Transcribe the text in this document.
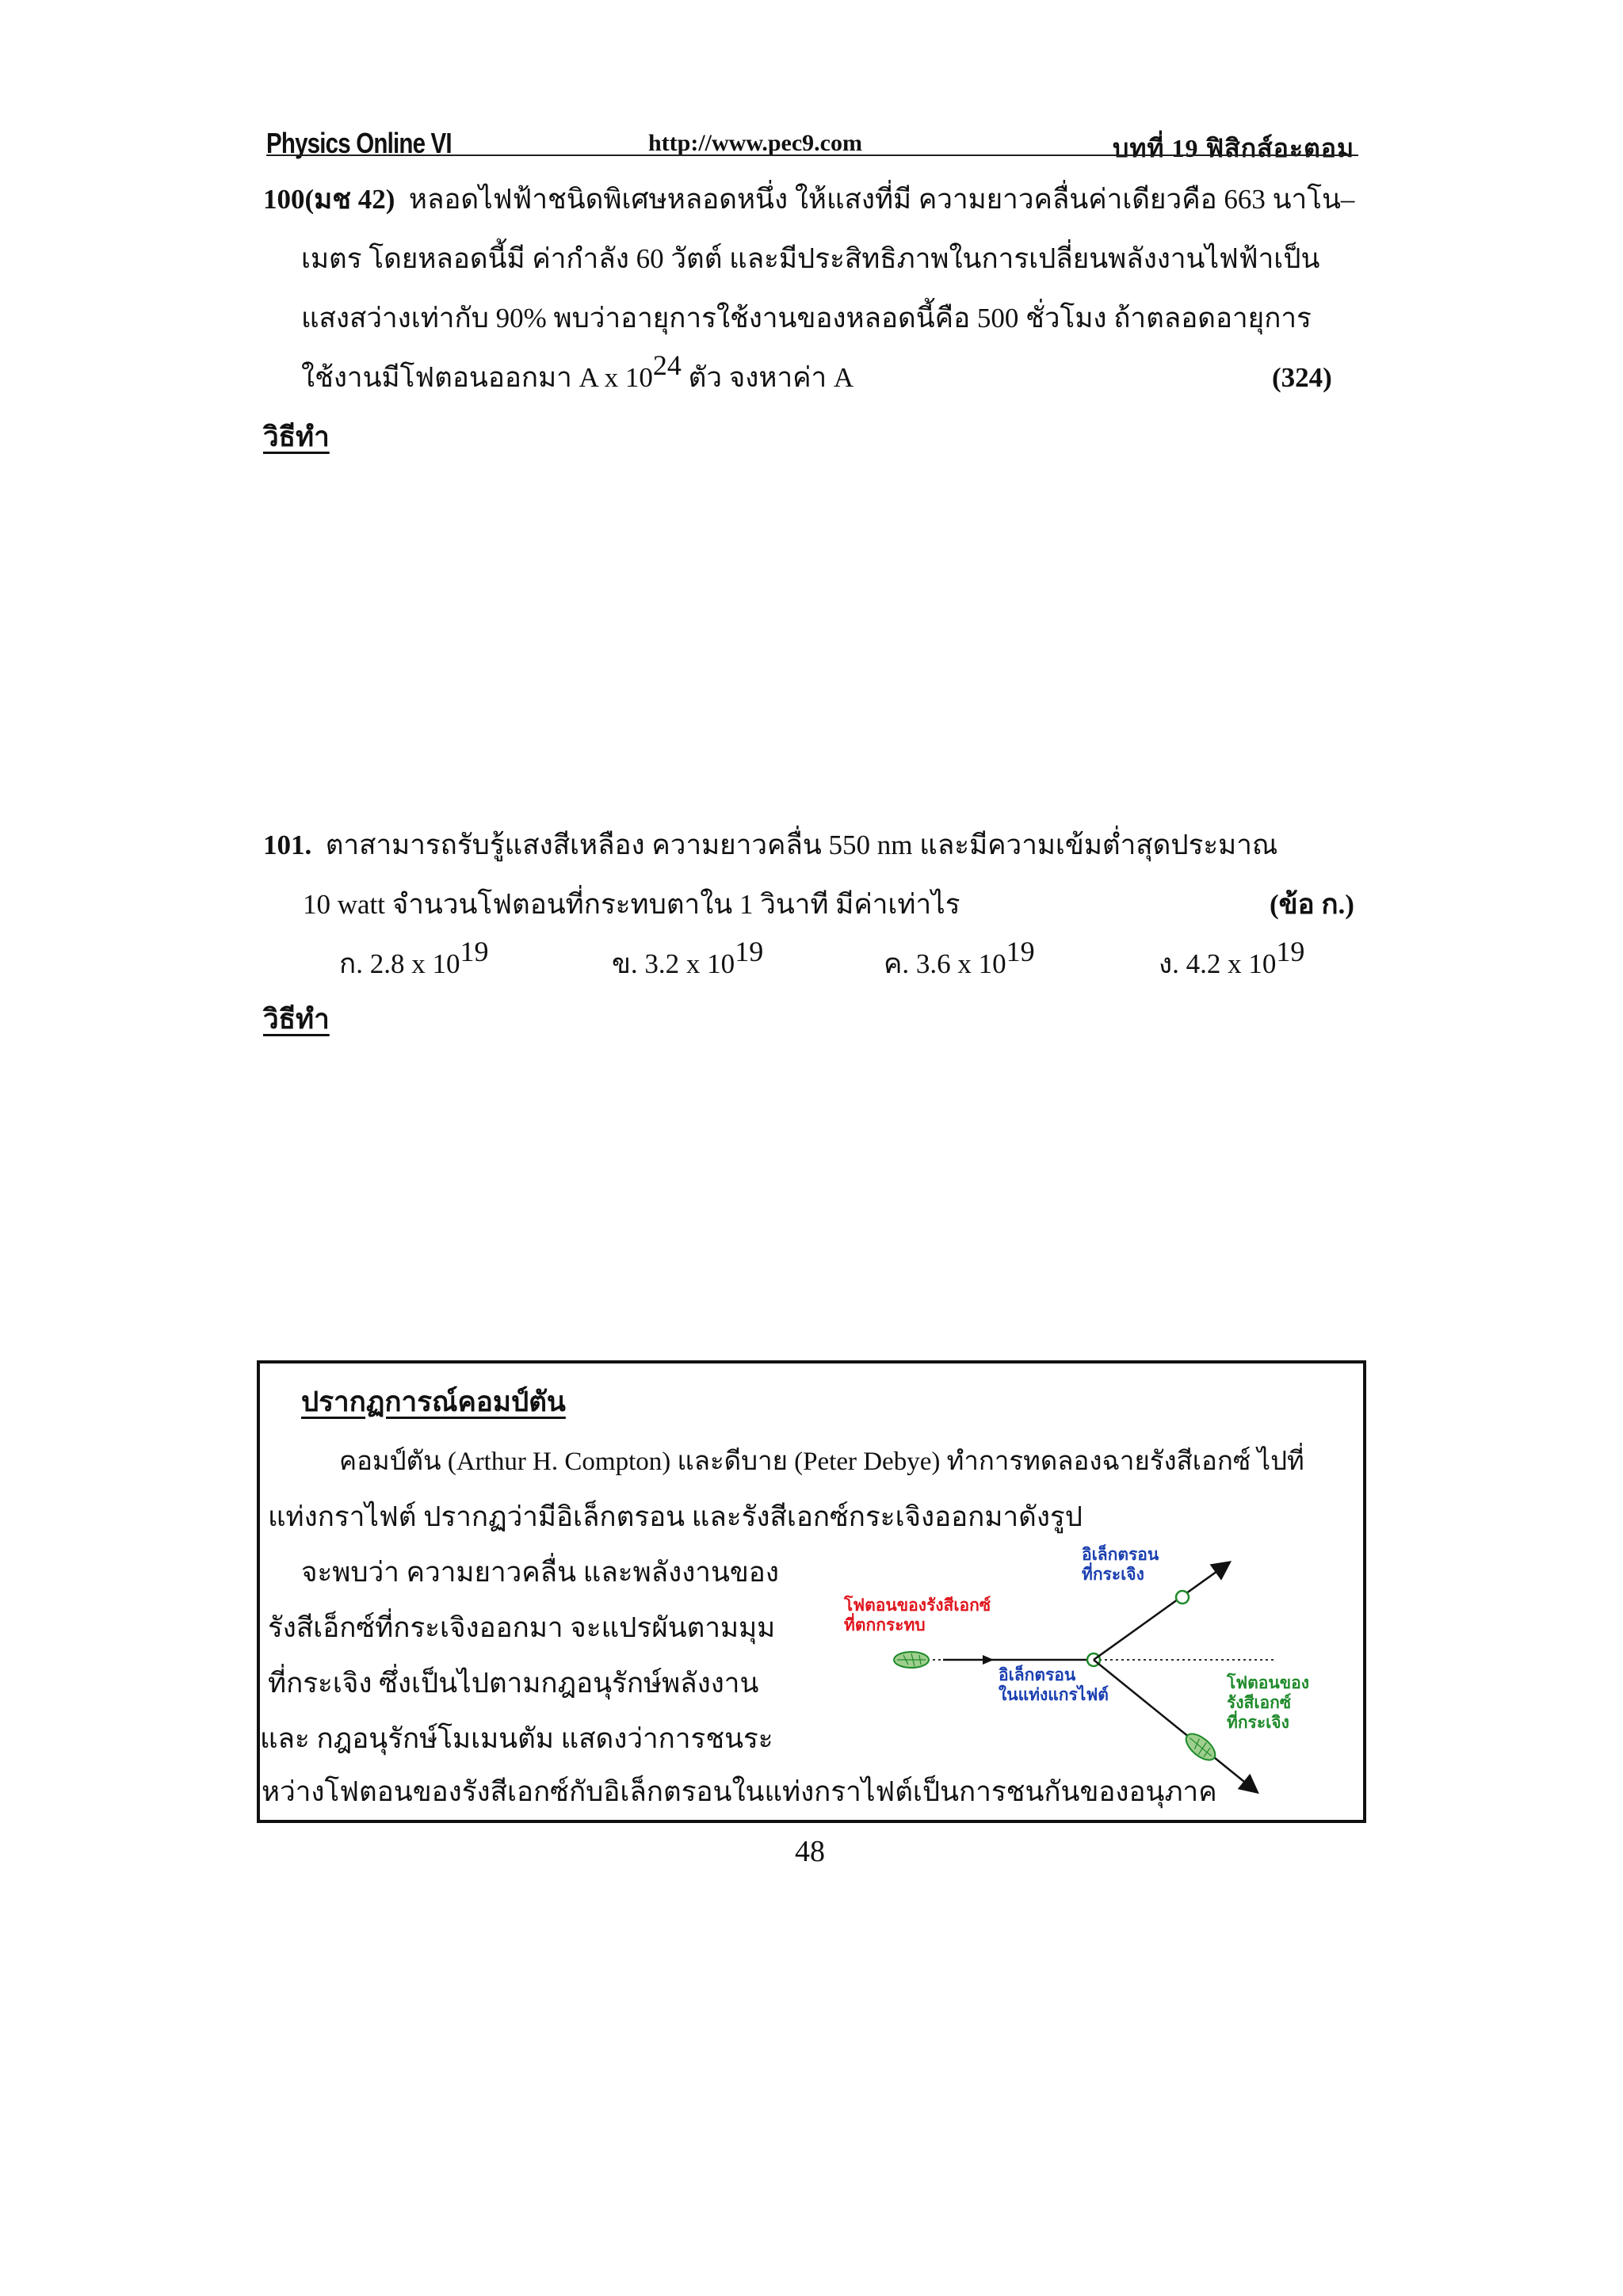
Physics Online VI	http://www.pec9.com	บทที่ 19 ฟิสิกส์อะตอม
100(มช 42) หลอดไฟฟ้าชนิดพิเศษหลอดหนึ่ง ให้แสงที่มี ความยาวคลื่นค่าเดียวคือ 663 นาโน–
เมตร โดยหลอดนี้มี ค่ากำลัง 60 วัตต์ และมีประสิทธิภาพในการเปลี่ยนพลังงานไฟฟ้าเป็น
แสงสว่างเท่ากับ 90% พบว่าอายุการใช้งานของหลอดนี้คือ 500 ชั่วโมง ถ้าตลอดอายุการ
ใช้งานมีโฟตอนออกมา A x $10^{24}$ ตัว จงหาค่า A	(324)
วิธีทำ
101. ตาสามารถรับรู้แสงสีเหลือง ความยาวคลื่น 550 nm และมีความเข้มต่ำสุดประมาณ
10 watt จำนวนโฟตอนที่กระทบตาใน 1 วินาที มีค่าเท่าไร	(ข้อ ก.)
ก. 2.8 x $10^{19}$	ข. 3.2 x $10^{19}$	ค. 3.6 x $10^{19}$	ง. 4.2 x $10^{19}$
วิธีทำ
ปรากฏการณ์คอมป์ตัน
คอมป์ตัน (Arthur H. Compton) และดีบาย (Peter Debye) ทำการทดลองฉายรังสีเอกซ์ ไปที่
แท่งกราไฟต์ ปรากฏว่ามีอิเล็กตรอน และรังสีเอกซ์กระเจิงออกมาดังรูป
จะพบว่า ความยาวคลื่น และพลังงานของ
รังสีเอ็กซ์ที่กระเจิงออกมา จะแปรผันตามมุม
ที่กระเจิง ซึ่งเป็นไปตามกฎอนุรักษ์พลังงาน
และ กฎอนุรักษ์โมเมนตัม แสดงว่าการชนระ
หว่างโฟตอนของรังสีเอกซ์กับอิเล็กตรอนในแท่งกราไฟต์เป็นการชนกันของอนุภาค
อิเล็กตรอน
ที่กระเจิง
โฟตอนของรังสีเอกซ์
ที่ตกกระทบ
อิเล็กตรอน
ในแท่งแกรไฟต์
โฟตอนของ
รังสีเอกซ์
ที่กระเจิง
48
